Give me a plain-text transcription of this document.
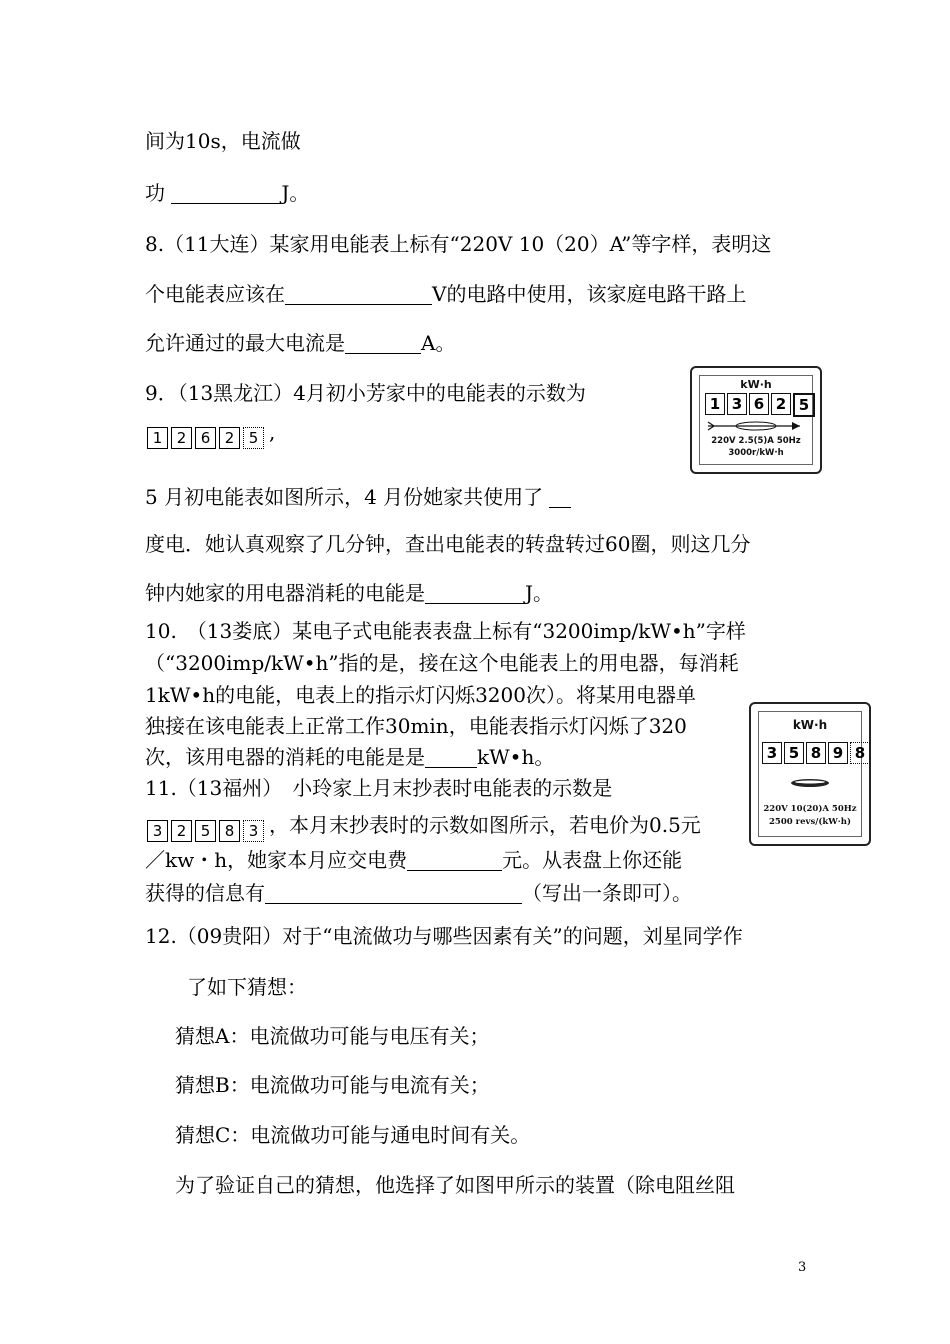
间为10s，电流做
功	J。
8.（11大连）某家用电能表上标有“220V 10（20）A”等字样，表明这
个电能表应该在	V的电路中使用，该家庭电路干路上
允许通过的最大电流是	A。
9．（13黑龙江）4月初小芳家中的电能表的示数为
1 2 6 2 5 ,
5 月初电能表如图所示，4 月份她家共使用了
度电．她认真观察了几分钟，查出电能表的转盘转过60圈，则这几分
钟内她家的用电器消耗的电能是	J。
10.　（13娄底）某电子式电能表表盘上标有“3200imp/kW•h”字样
（“3200imp/kW•h”指的是，接在这个电能表上的用电器，每消耗
1kW•h的电能，电表上的指示灯闪烁3200次）。将某用电器单
独接在该电能表上正常工作30min，电能表指示灯闪烁了320
次，该用电器的消耗的电能是是	kW•h。
11.（13福州）　小玲家上月末抄表时电能表的示数是
3 2 5 8 3 ，本月末抄表时的示数如图所示，若电价为0.5元
／kw・h，她家本月应交电费	元。从表盘上你还能
获得的信息有	（写出一条即可）。
12.（09贵阳）对于“电流做功与哪些因素有关”的问题，刘星同学作
了如下猜想：
猜想A：电流做功可能与电压有关；
猜想B：电流做功可能与电流有关；
猜想C：电流做功可能与通电时间有关。
为了验证自己的猜想，他选择了如图甲所示的装置（除电阻丝阻
kW·h
1 3 6 2 5
220V 2.5(5)A 50Hz
3000r/kW·h
kW·h
3 5 8 9 8
220V 10(20)A 50Hz
2500 revs/(kW·h)
3
